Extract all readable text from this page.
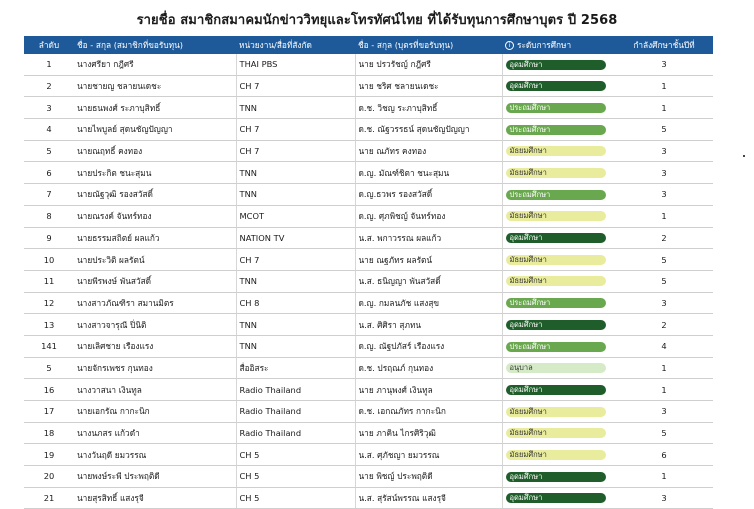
รายชื่อ สมาชิกสมาคมนักข่าววิทยุและโทรทัศน์ไทย ที่ได้รับทุนการศึกษาบุตร ปี 2568
ลำดับ	ชื่อ - สกุล (สมาชิกที่ขอรับทุน)	หน่วยงาน/สื่อที่สังกัด	ชื่อ - สกุล (บุตรที่ขอรับทุน)	i ระดับการศึกษา	กำลังศึกษาชั้นปีที่
1	นางศรียา กฎีศรี	THAI PBS	นาย ปรวรัชญ์ กฎีศรี	อุดมศึกษา	3
2	นายชายญ ชลายนเดชะ	CH 7	นาย ชริศ ชลายนเดชะ	อุดมศึกษา	1
3	นายธนพงศ์ ระภาบุสิทธิ์	TNN	ด.ช. วิชญ ระภาบุสิทธิ์	ประถมศึกษา	1
4	นายไพบูลย์ สุดนชัญปัญญา	CH 7	ด.ช. ณัฐวรรธน์ สุดนชัญปัญญา	ประถมศึกษา	5
5	นายณฤทธิ์ คงทอง	CH 7	นาย ณภัทร คงทอง	มัธยมศึกษา	3
6	นายประกิต ชนะสุมน	TNN	ด.ญ. มัณฑ์ชิตา ชนะสุมน	มัธยมศึกษา	3
7	นายณัฐวุฒิ รองสวัสดิ์	TNN	ด.ญ.ธวพร รองสวัสดิ์	ประถมศึกษา	3
8	นายณรงค์ จันทร์ทอง	MCOT	ด.ญ. ศุภพิชญ์ จันทร์ทอง	มัธยมศึกษา	1
9	นายธรรมสถิตย์ ผลแก้ว	NATION TV	น.ส. พกาวรรณ ผลแก้ว	อุดมศึกษา	2
10	นายประวิติ ผลรัตน์	CH 7	นาย ณฐภัทร ผลรัตน์	มัธยมศึกษา	5
11	นายพีรพงษ์ พันสวัสดิ์	TNN	น.ส. ธนิญญา พันสวัสดิ์	มัธยมศึกษา	5
12	นางสาวภัณฑิรา สมานมิตร	CH 8	ด.ญ. กมลนภัช แสงสุข	ประถมศึกษา	3
13	นางสาวจารุณี ปิ่นิติ	TNN	น.ส. ศิศิรา สุภทน	อุดมศึกษา	2
141	นายเลิศชาย เรืองแรง	TNN	ด.ญ. ณัฐปภัสร์ เรืองแรง	ประถมศึกษา	4
5	นายจักรเพชร กุนทอง	สื่ออิสระ	ด.ช. ปรฤณภ์ กุนทอง	อนุบาล	1
16	นางวาสนา เงินทูล	Radio Thailand	นาย ภานุพงศ์ เงินทูล	อุดมศึกษา	1
17	นายเอกรัณ กากะนิก	Radio Thailand	ด.ช. เอกณภัทร กากะนิก	มัธยมศึกษา	3
18	นางนภสร แก้วดำ	Radio Thailand	นาย ภาคิน ไกรศิริวุฒิ	มัธยมศึกษา	5
19	นางวันฤดี ยมวรรณ	CH 5	น.ส. ศุภัชญา ยมวรรณ	มัธยมศึกษา	6
20	นายพงษ์ระพี ประพฤติดี	CH 5	นาย พิชญ์ ประพฤติดี	อุดมศึกษา	1
21	นายสุรสิทธิ์ แสงรุจี	CH 5	น.ส. สุรัสน์พรรณ แสงรุจี	อุดมศึกษา	3
